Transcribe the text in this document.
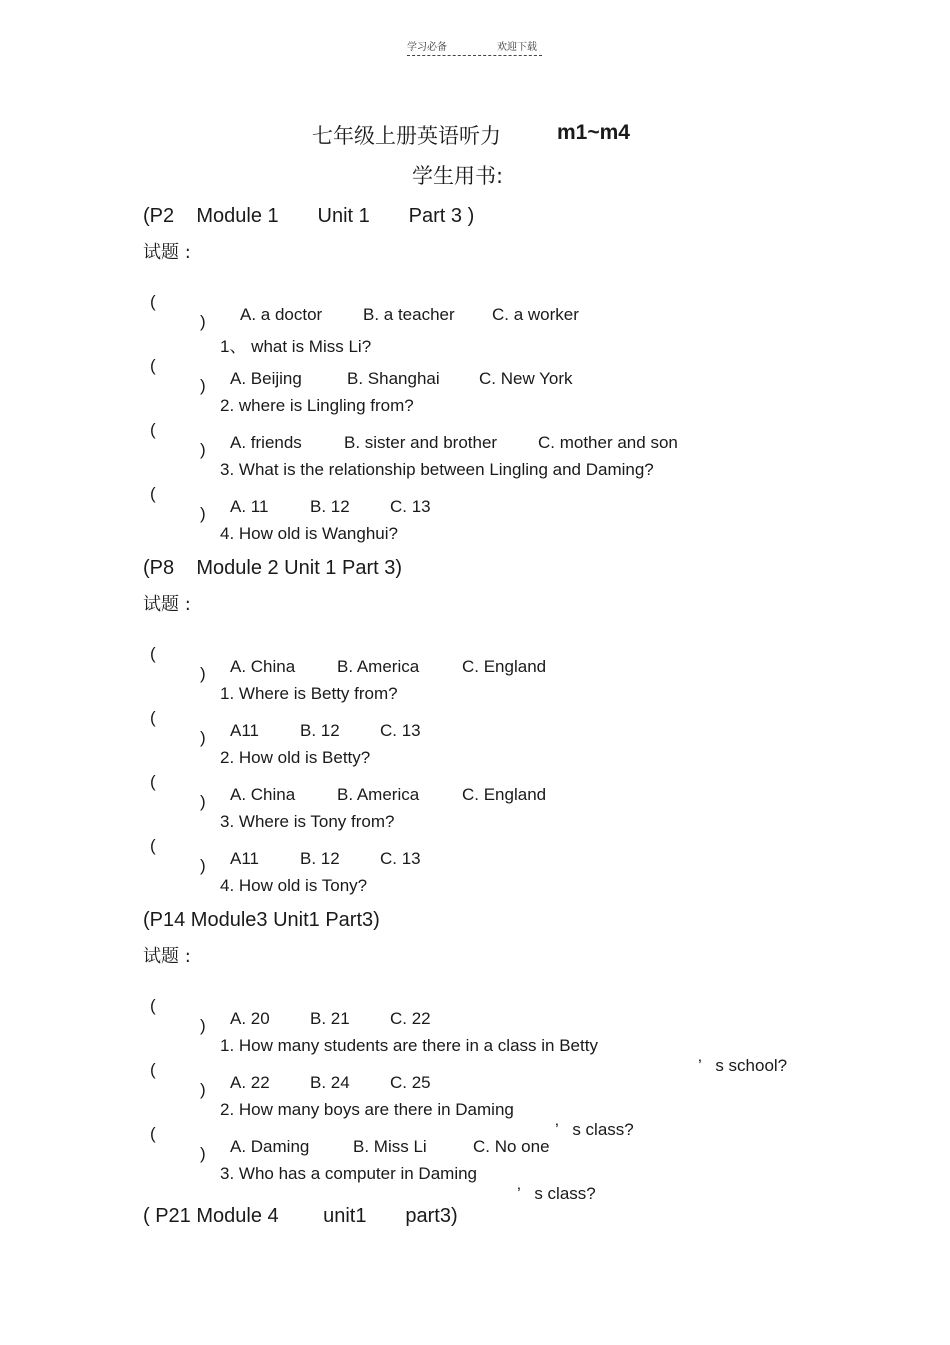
学习必备	欢迎下载
七年级上册英语听力	m1~m4
学生用书:
(P2    Module 1       Unit 1       Part 3 )
试题 :

(

)

1、 what is Miss Li?

A. a doctor B. a teacher C. a worker

(

)

2. where is Lingling from?

A. Beijing	B. Shanghai C. New York

(

)

3. What is the relationship between Lingling and Daming?

A. friends B. sister and brother C. mother and son

(

)

4. How old is Wanghui?

A. 11 B. 12 C. 13
(P8    Module 2 Unit 1 Part 3)
试题 :

(

)

1. Where is Betty from?

A. China B. America	C. England

(

)

2. How old is Betty?

A11 B. 12 C. 13

(

)

3. Where is Tony from?

A. China B. America	C. England

(

)

4. How old is Tony?

A11 B. 12 C. 13
(P14 Module3 Unit1 Part3)
试题 :

(

)

1. How many students are there in a class in Betty

’   s school?

A. 20 B. 21 C. 22

(

)

2. How many boys are there in Daming

’   s class?

A. 22 B. 24 C. 25

(

)

3. Who has a computer in Daming

’   s class?

A. Daming	B. Miss Li	C. No one
( P21 Module 4        unit1       part3)
